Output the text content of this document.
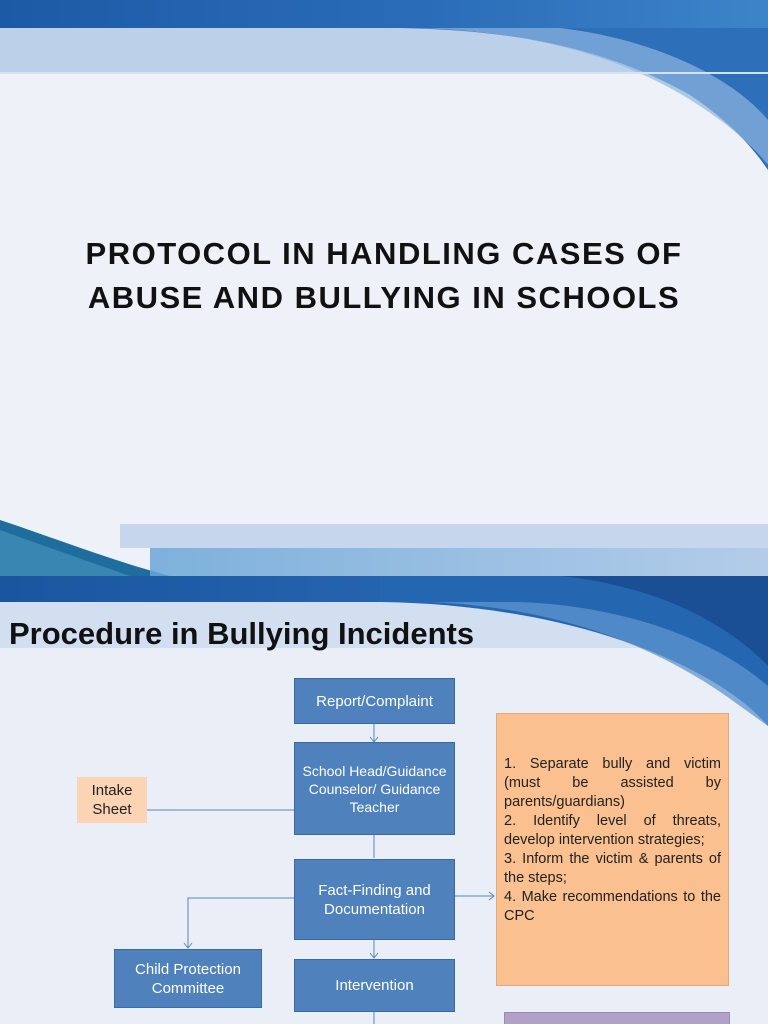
PROTOCOL IN HANDLING CASES OF
ABUSE AND BULLYING IN SCHOOLS
Procedure in Bullying Incidents
Report/Complaint
School Head/Guidance Counselor/ Guidance Teacher
Intake Sheet
Fact-Finding and Documentation
Child Protection Committee	Intervention

1. Separate bully and victim (must be assisted by parents/guardians)

2. Identify level of threats, develop intervention strategies;

3. Inform the victim & parents of the steps;

4. Make recommendations to the CPC
